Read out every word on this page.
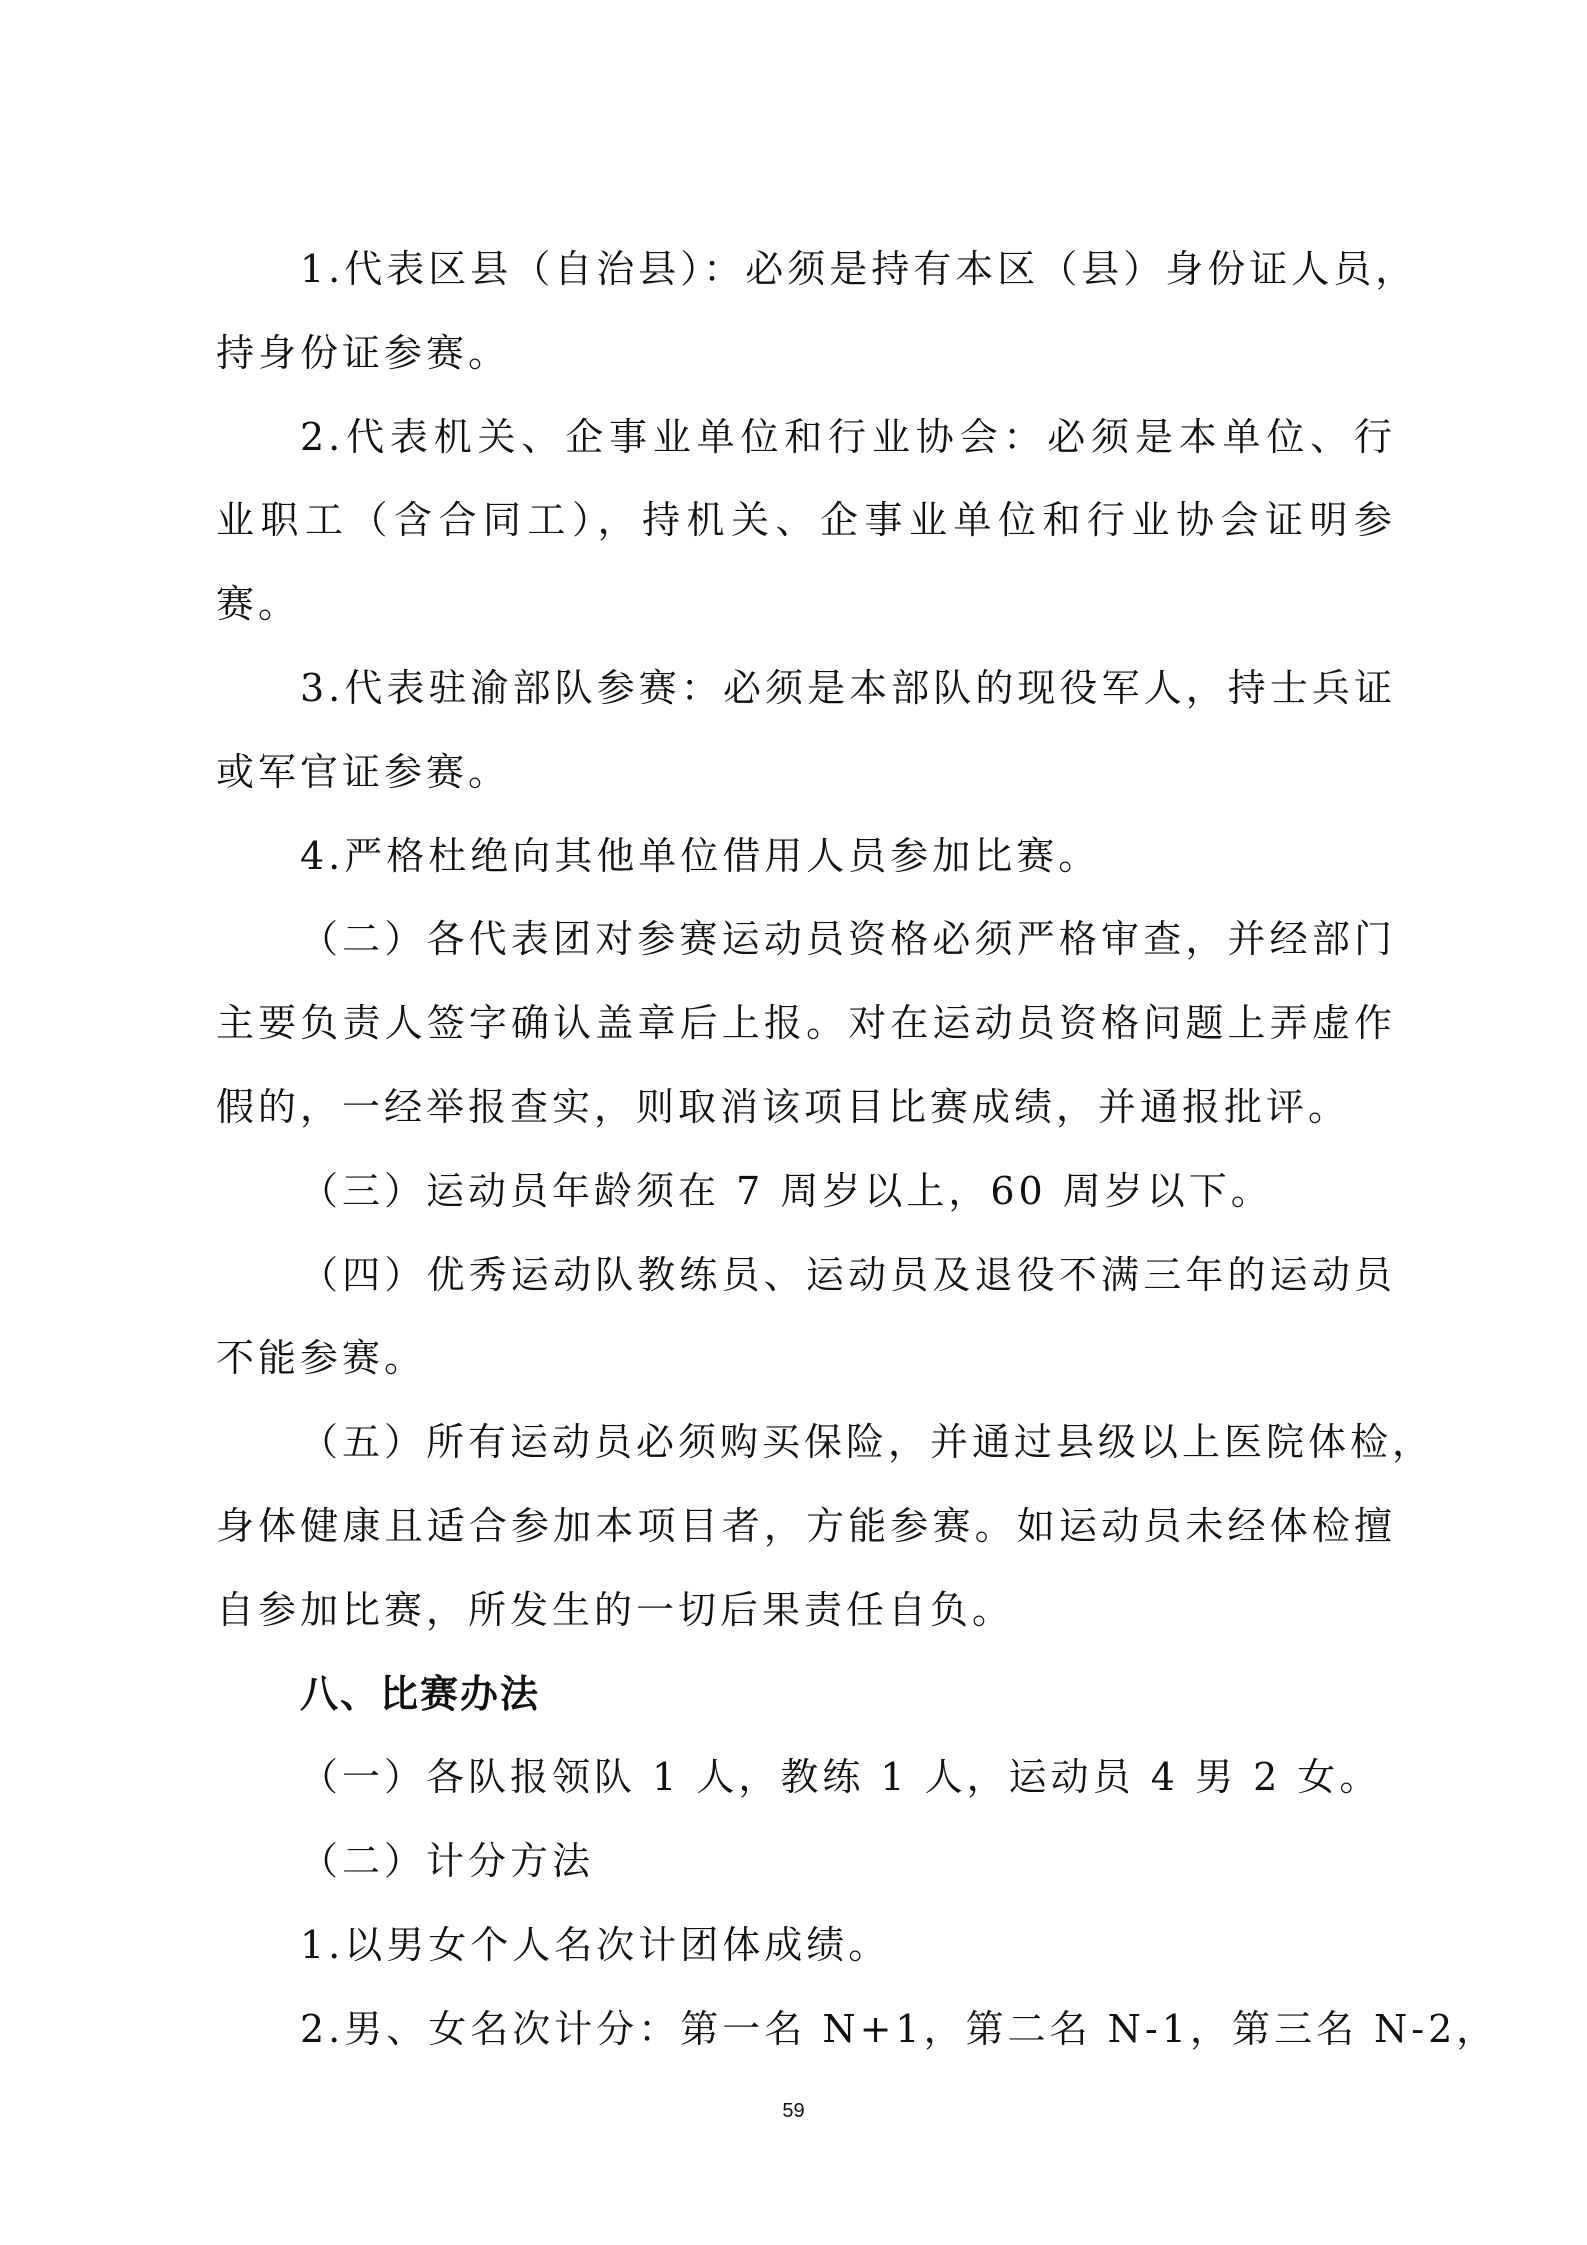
1.代表区县（自治县）：必须是持有本区（县）身份证人员，
持身份证参赛。
2.代表机关、企事业单位和行业协会：必须是本单位、行
业职工（含合同工），持机关、企事业单位和行业协会证明参
赛。
3.代表驻渝部队参赛：必须是本部队的现役军人，持士兵证
或军官证参赛。
4.严格杜绝向其他单位借用人员参加比赛。
（二）各代表团对参赛运动员资格必须严格审查，并经部门
主要负责人签字确认盖章后上报。对在运动员资格问题上弄虚作
假的，一经举报查实，则取消该项目比赛成绩，并通报批评。
（三）运动员年龄须在 7 周岁以上，60 周岁以下。
（四）优秀运动队教练员、运动员及退役不满三年的运动员
不能参赛。
（五）所有运动员必须购买保险，并通过县级以上医院体检，
身体健康且适合参加本项目者，方能参赛。如运动员未经体检擅
自参加比赛，所发生的一切后果责任自负。
八、比赛办法
（一）各队报领队 1 人，教练 1 人，运动员 4 男 2 女。
（二）计分方法
1.以男女个人名次计团体成绩。
2.男、女名次计分：第一名 N+1，第二名 N-1，第三名 N-2，
59
